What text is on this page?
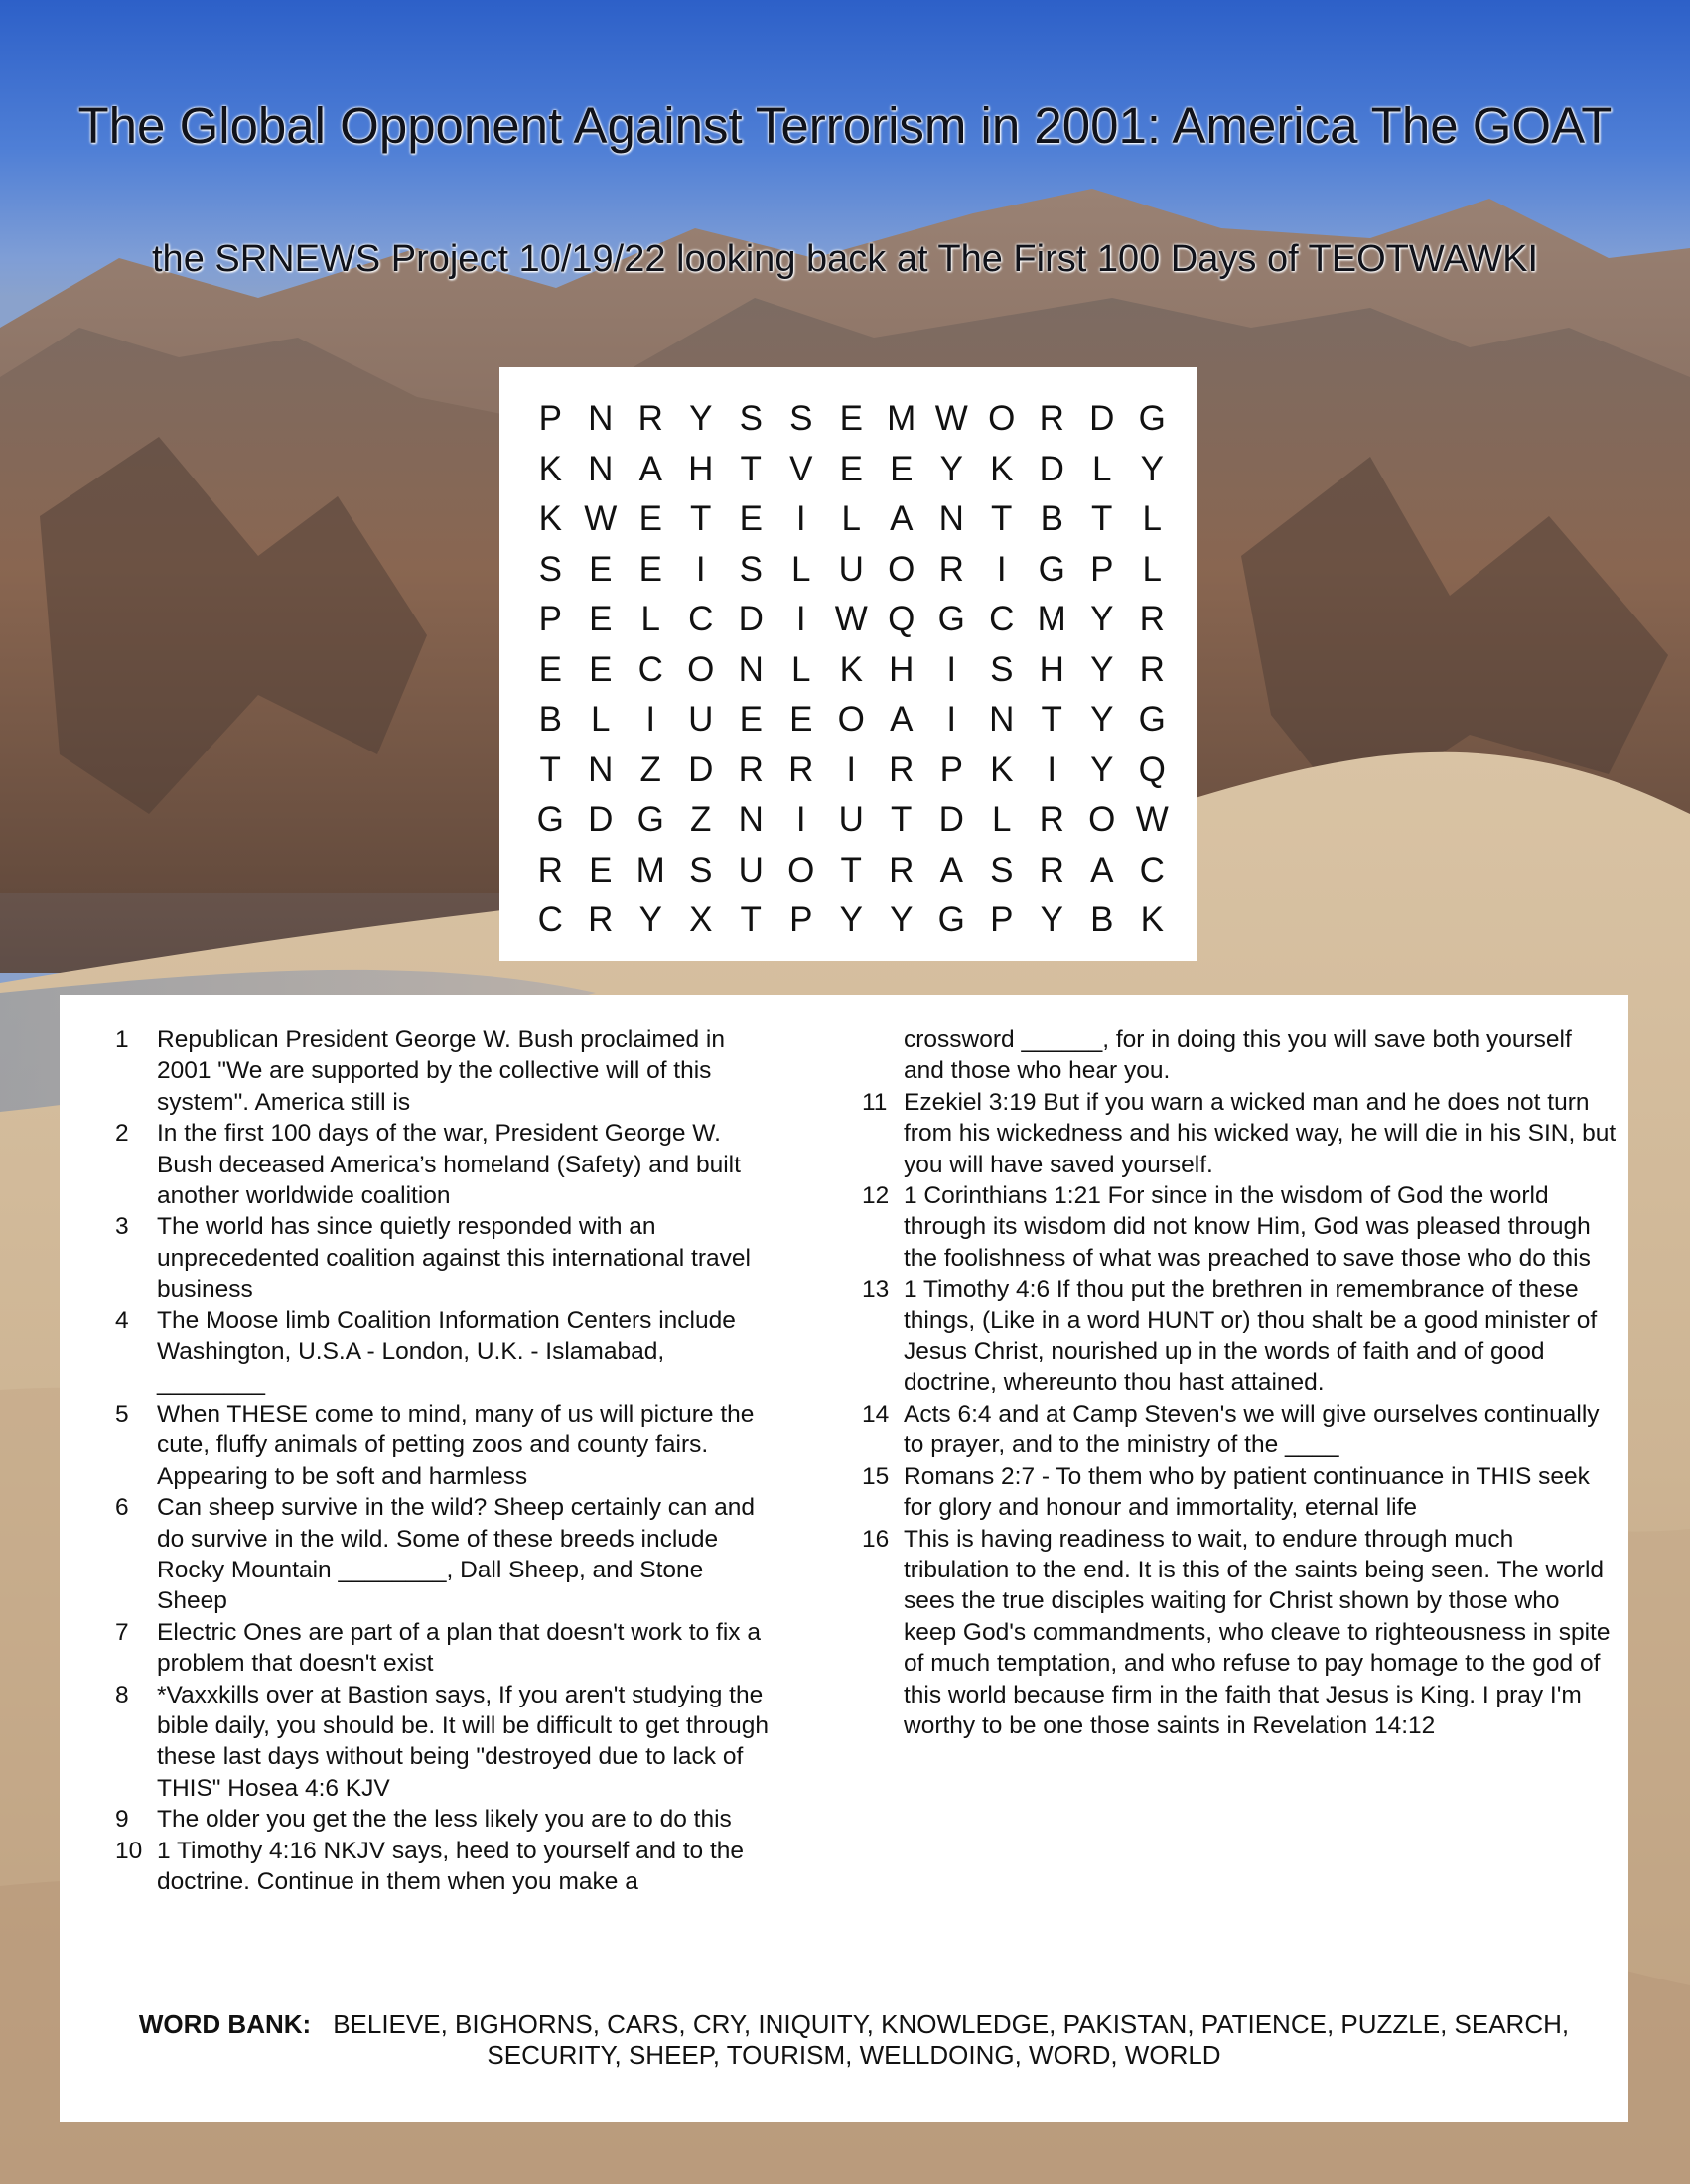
The Global Opponent Against Terrorism in 2001: America The GOAT
the SRNEWS Project 10/19/22 looking back at The First 100 Days of TEOTWAWKI
P N R Y S S E M W O R D G
K N A H T V E E Y K D L Y
K W E T E I	L A N T B T L
S E E I S L U O R I G P L
P E L C D I W Q G C M Y R
E E C O N L K H I S H Y R
B L	I U E E O A I N T Y G
T N Z D R R I R P K I Y Q
G D G Z N I U T D L R O W
R E M S U O T R A S R A C
C R Y X T P Y Y G P Y B K
1	Republican President George W. Bush proclaimed in 2001 "We are supported by the collective will of this system". America still is
2	In the first 100 days of the war, President George W. Bush deceased America’s homeland (Safety) and built another worldwide coalition
3	The world has since quietly responded with an unprecedented coalition against this international travel business
4	The Moose limb Coalition Information Centers include Washington, U.S.A - London, U.K. - Islamabad, ________
5	When THESE come to mind, many of us will picture the cute, fluffy animals of petting zoos and county fairs. Appearing to be soft and harmless
6	Can sheep survive in the wild? Sheep certainly can and do survive in the wild. Some of these breeds include Rocky Mountain ________, Dall Sheep, and Stone Sheep
7	Electric Ones are part of a plan that doesn't work to fix a problem that doesn't exist
8	*Vaxxkills over at Bastion says, If you aren't studying the bible daily, you should be. It will be difficult to get through these last days without being "destroyed due to lack of THIS" Hosea 4:6 KJV
9	The older you get the the less likely you are to do this
10 1 Timothy 4:16 NKJV says, heed to yourself and to the doctrine. Continue in them when you make a
crossword ______, for in doing this you will save both yourself and those who hear you.
11 Ezekiel 3:19 But if you warn a wicked man and he does not turn from his wickedness and his wicked way, he will die in his SIN, but you will have saved yourself.
12 1 Corinthians 1:21 For since in the wisdom of God the world through its wisdom did not know Him, God was pleased through the foolishness of what was preached to save those who do this
13 1 Timothy 4:6 If thou put the brethren in remembrance of these things, (Like in a word HUNT or) thou shalt be a good minister of Jesus Christ, nourished up in the words of faith and of good doctrine, whereunto thou hast attained.
14 Acts 6:4 and at Camp Steven's we will give ourselves continually to prayer, and to the ministry of the ____
15 Romans 2:7 - To them who by patient continuance in THIS seek for glory and honour and immortality, eternal life
16 This is having readiness to wait, to endure through much tribulation to the end. It is this of the saints being seen. The world sees the true disciples waiting for Christ shown by those who keep God's commandments, who cleave to righteousness in spite of much temptation, and who refuse to pay homage to the god of this world because firm in the faith that Jesus is King. I pray I'm worthy to be one those saints in Revelation 14:12
WORD BANK: BELIEVE, BIGHORNS, CARS, CRY, INIQUITY, KNOWLEDGE, PAKISTAN, PATIENCE, PUZZLE, SEARCH, SECURITY, SHEEP, TOURISM, WELLDOING, WORD, WORLD
